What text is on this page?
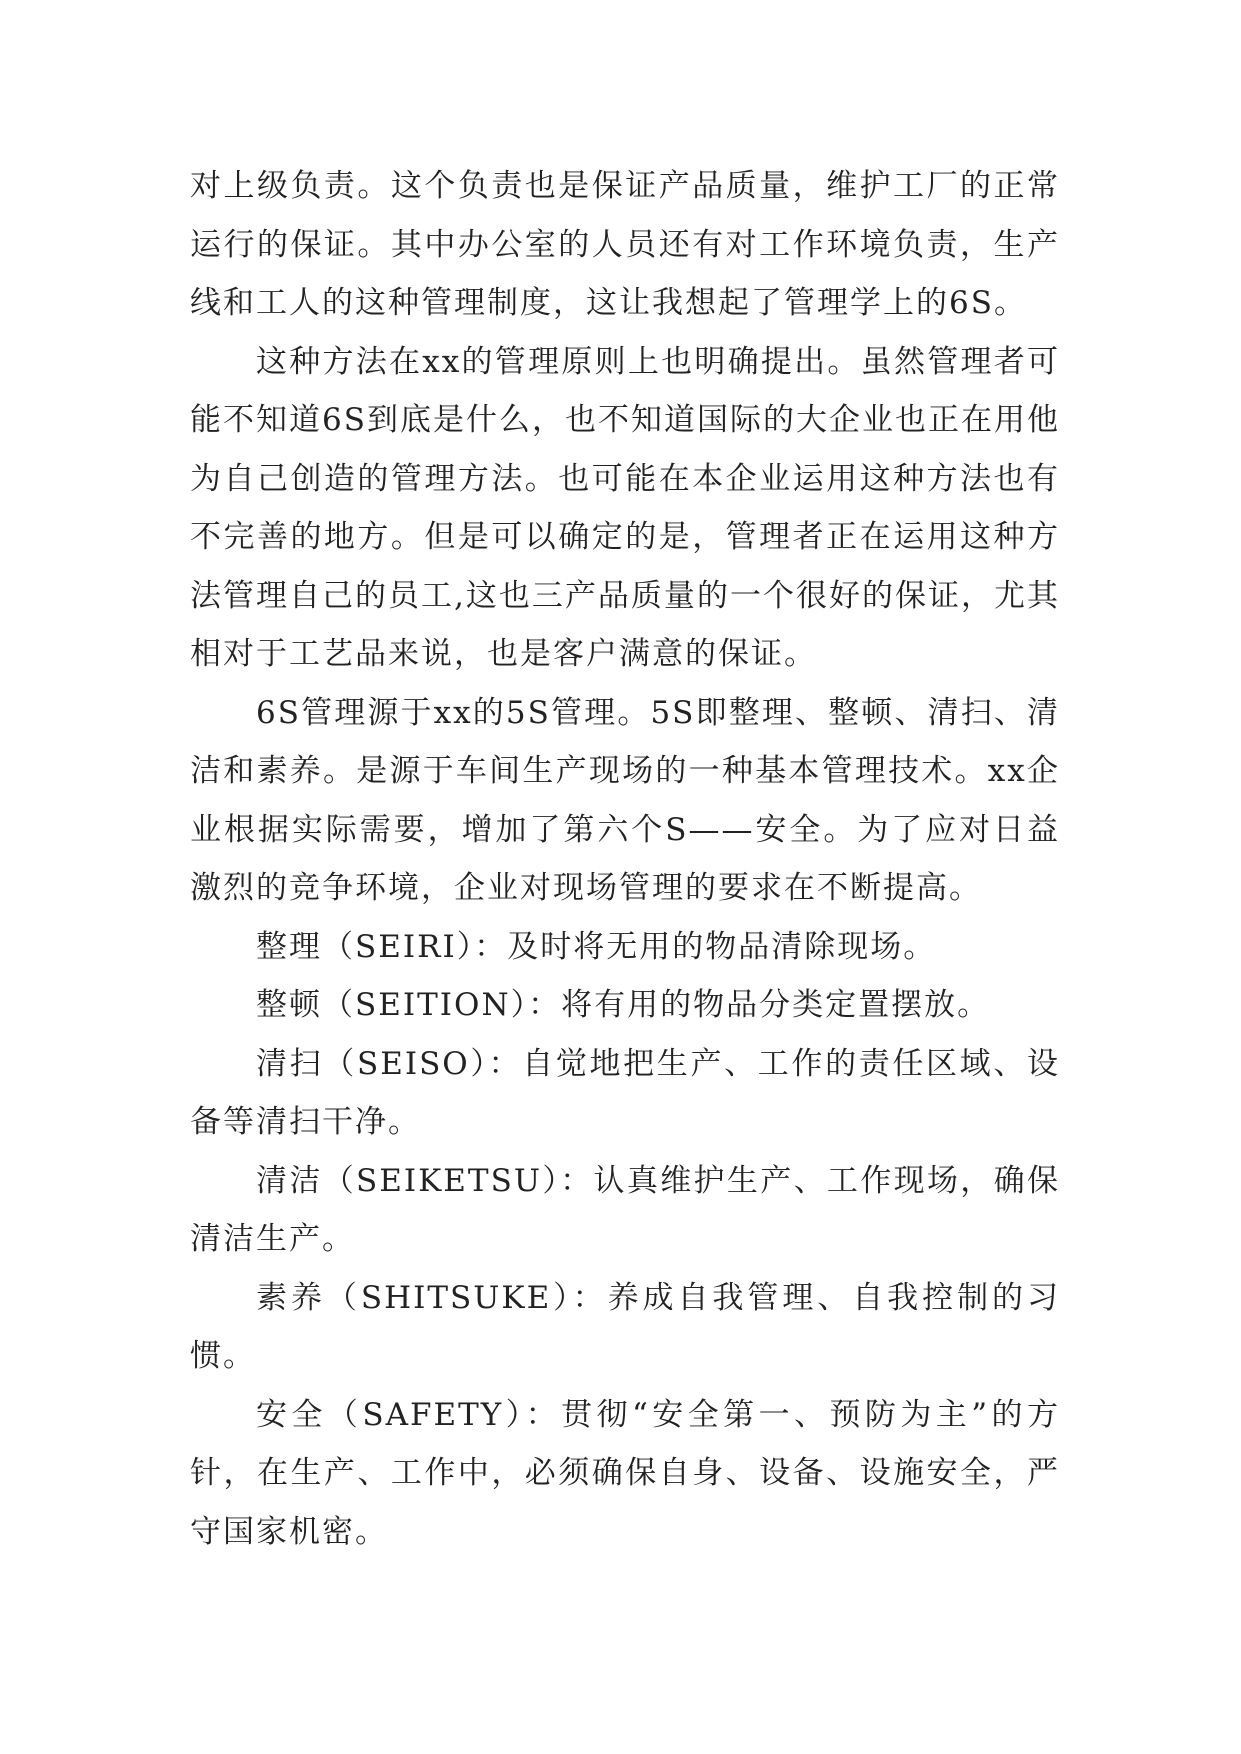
对上级负责。这个负责也是保证产品质量，维护工厂的正常运行的保证。其中办公室的人员还有对工作环境负责，生产线和工人的这种管理制度，这让我想起了管理学上的6S。

这种方法在xx的管理原则上也明确提出。虽然管理者可能不知道6S到底是什么，也不知道国际的大企业也正在用他为自己创造的管理方法。也可能在本企业运用这种方法也有不完善的地方。但是可以确定的是，管理者正在运用这种方法管理自己的员工,这也三产品质量的一个很好的保证，尤其相对于工艺品来说，也是客户满意的保证。

6S管理源于xx的5S管理。5S即整理、整顿、清扫、清洁和素养。是源于车间生产现场的一种基本管理技术。xx企业根据实际需要，增加了第六个S——安全。为了应对日益激烈的竞争环境，企业对现场管理的要求在不断提高。

整理（SEIRI）：及时将无用的物品清除现场。

整顿（SEITION）：将有用的物品分类定置摆放。

清扫（SEISO）：自觉地把生产、工作的责任区域、设备等清扫干净。

清洁（SEIKETSU）：认真维护生产、工作现场，确保清洁生产。

素养（SHITSUKE）：养成自我管理、自我控制的习惯。

安全（SAFETY）：贯彻“安全第一、预防为主”的方针，在生产、工作中，必须确保自身、设备、设施安全，严守国家机密。
